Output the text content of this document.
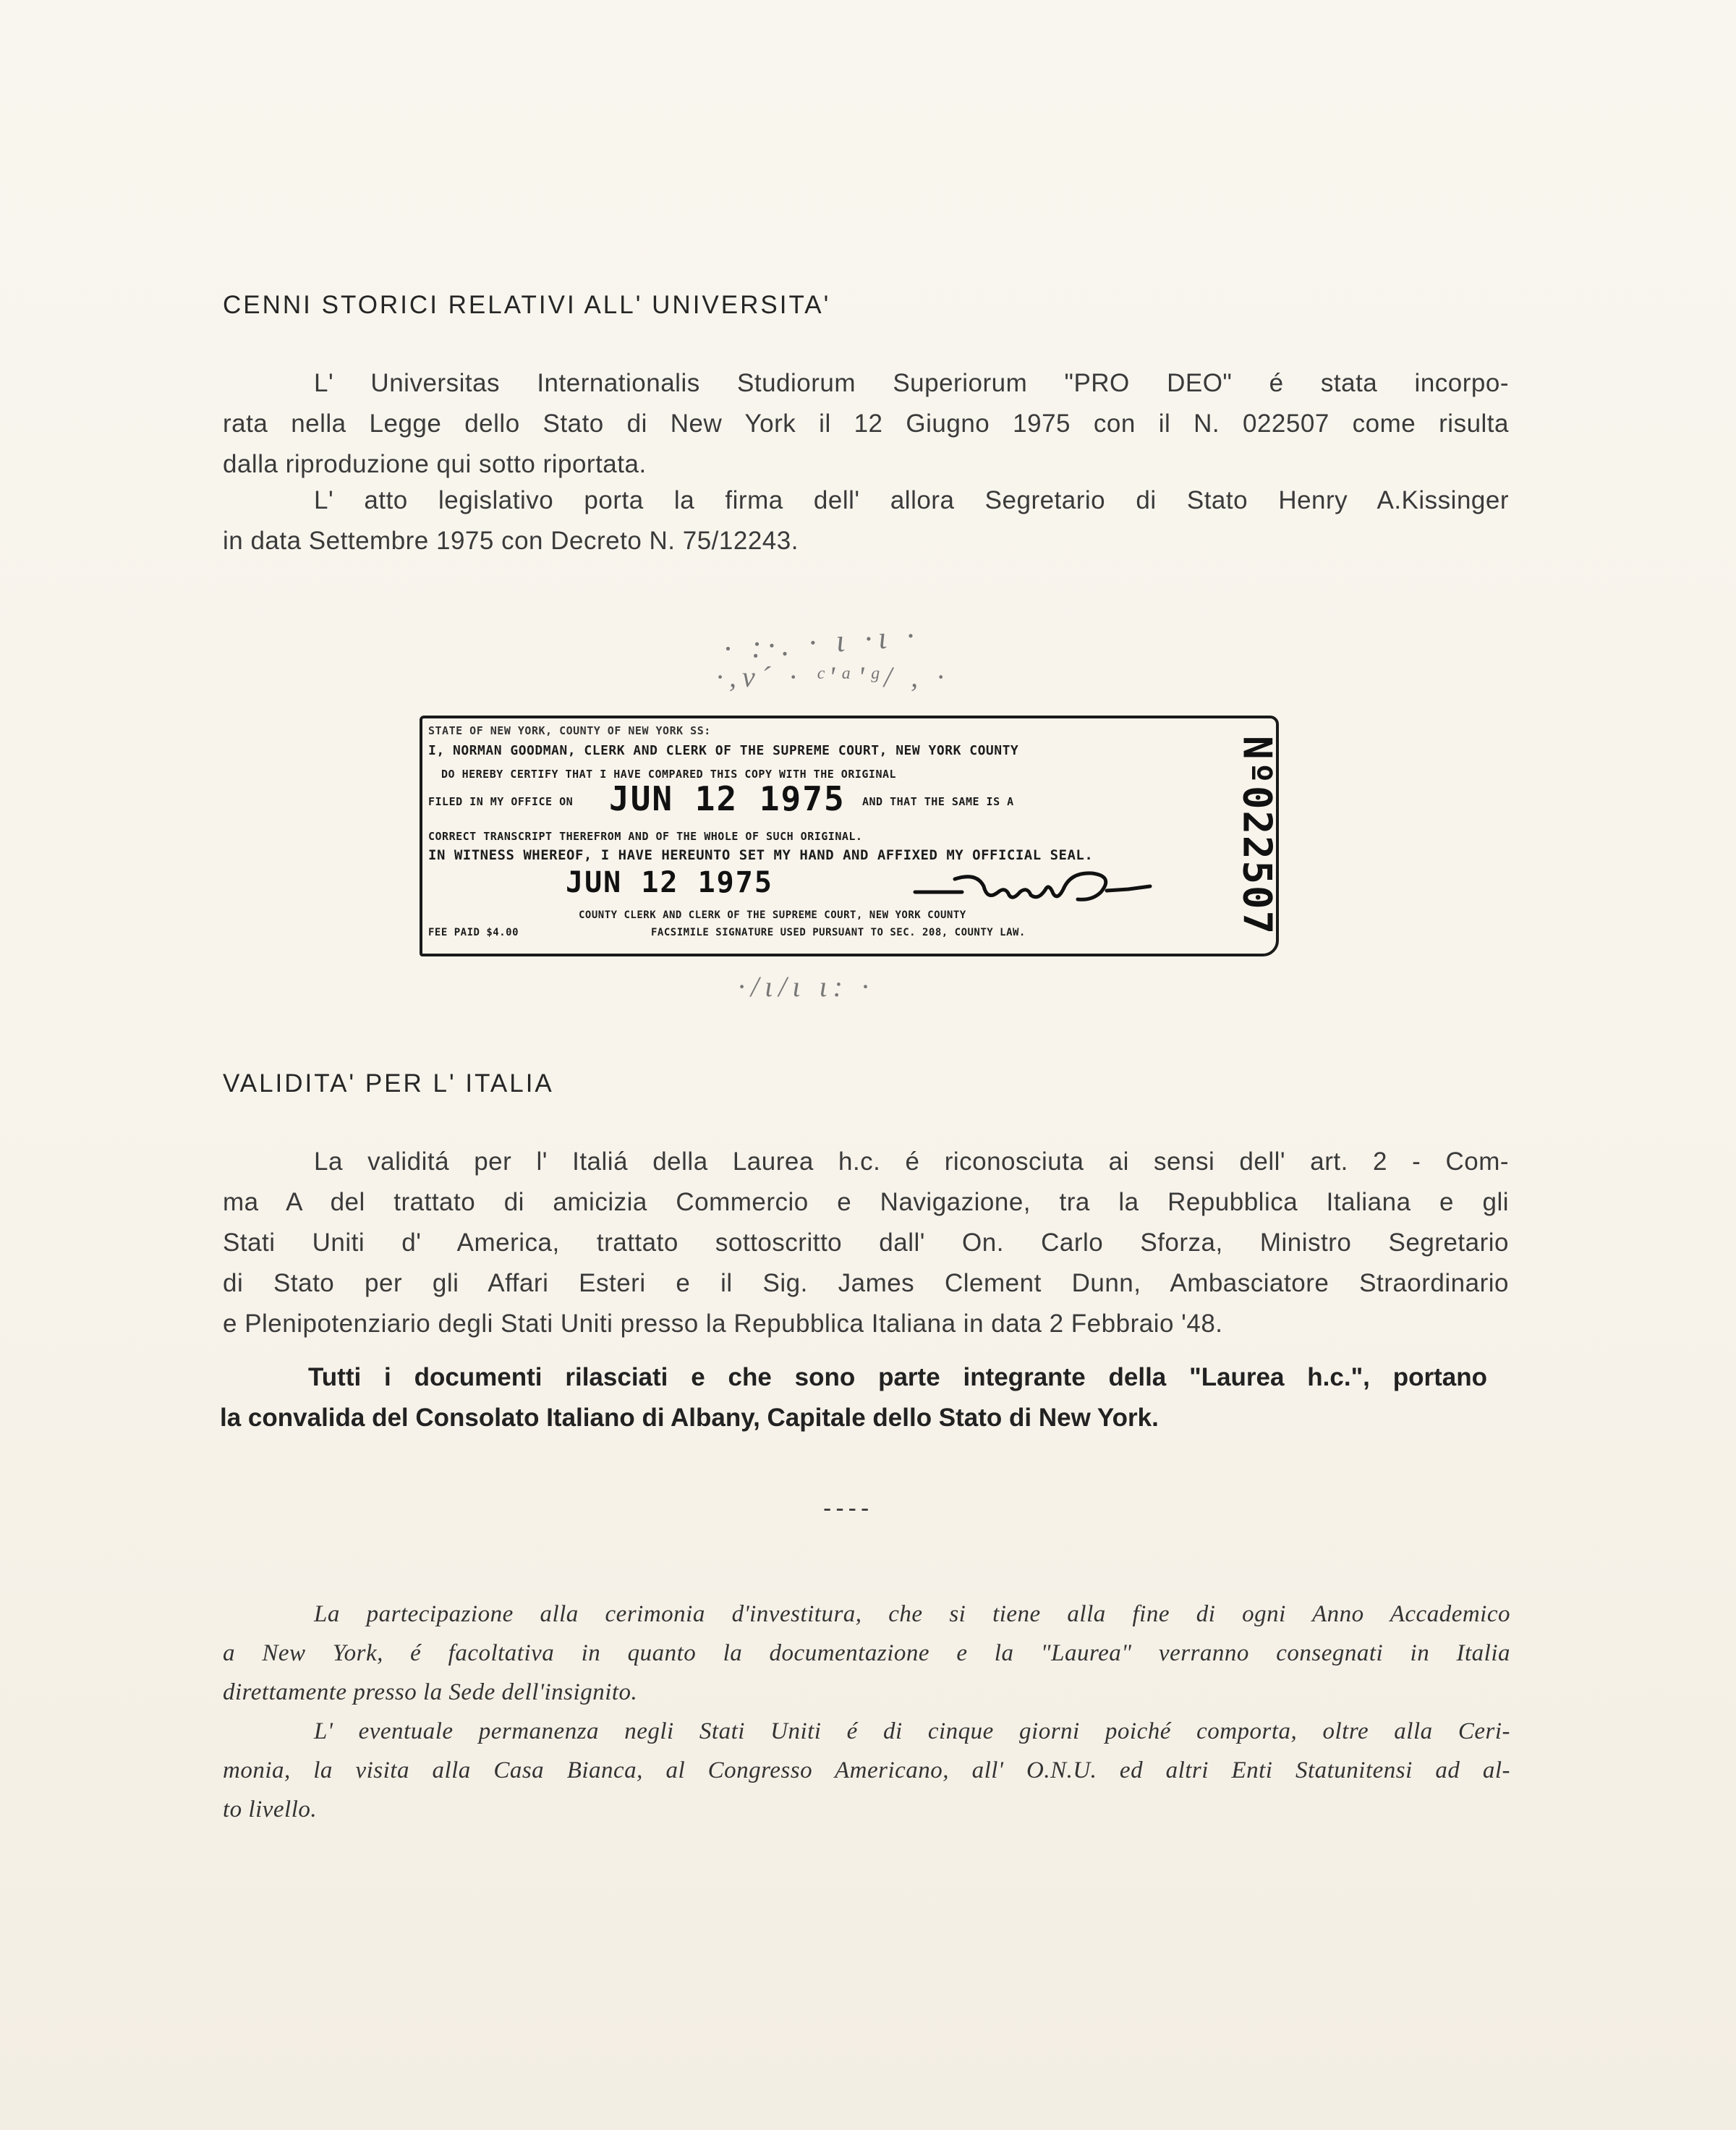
CENNI STORICI RELATIVI ALL' UNIVERSITA'
L' Universitas Internationalis Studiorum Superiorum "PRO DEO" é stata incorpo-
rata nella Legge dello Stato di New York il 12 Giugno 1975 con il N. 022507 come risulta
dalla riproduzione qui sotto riportata.
L' atto legislativo porta la firma dell' allora Segretario di Stato Henry A.Kissinger
in data Settembre 1975 con Decreto N. 75/12243.
· :·. · ι ·ι ·
·,ν´ · ᶜ'ᵃ'ᵍ/ , ·
STATE OF NEW YORK, COUNTY OF NEW YORK SS:
I, NORMAN GOODMAN, CLERK AND CLERK OF THE SUPREME COURT, NEW YORK COUNTY
DO HEREBY CERTIFY THAT I HAVE COMPARED THIS COPY WITH THE ORIGINAL
FILED IN MY OFFICE ON JUN 12 1975 AND THAT THE SAME IS A
CORRECT TRANSCRIPT THEREFROM AND OF THE WHOLE OF SUCH ORIGINAL.
IN WITNESS WHEREOF, I HAVE HEREUNTO SET MY HAND AND AFFIXED MY OFFICIAL SEAL.
JUN 12 1975
COUNTY CLERK AND CLERK OF THE SUPREME COURT, NEW YORK COUNTY
FEE PAID $4.00	FACSIMILE SIGNATURE USED PURSUANT TO SEC. 208, COUNTY LAW.	Nº022507
·/ι/ι ι: ·
VALIDITA' PER L' ITALIA
La validitá per l' Italiá della Laurea h.c. é riconosciuta ai sensi dell' art. 2 - Com-
ma A del trattato di amicizia Commercio e Navigazione, tra la Repubblica Italiana e gli
Stati Uniti d' America, trattato sottoscritto dall' On. Carlo Sforza, Ministro Segretario
di Stato per gli Affari Esteri e il Sig. James Clement Dunn, Ambasciatore Straordinario
e Plenipotenziario degli Stati Uniti presso la Repubblica Italiana in data 2 Febbraio '48.
Tutti i documenti rilasciati e che sono parte integrante della "Laurea h.c.", portano
la convalida del Consolato Italiano di Albany, Capitale dello Stato di New York.
----
La partecipazione alla cerimonia d'investitura, che si tiene alla fine di ogni Anno Accademico
a New York, é facoltativa in quanto la documentazione e la "Laurea" verranno consegnati in Italia
direttamente presso la Sede dell'insignito.
L' eventuale permanenza negli Stati Uniti é di cinque giorni poiché comporta, oltre alla Ceri-
monia, la visita alla Casa Bianca, al Congresso Americano, all' O.N.U. ed altri Enti Statunitensi ad al-
to livello.
